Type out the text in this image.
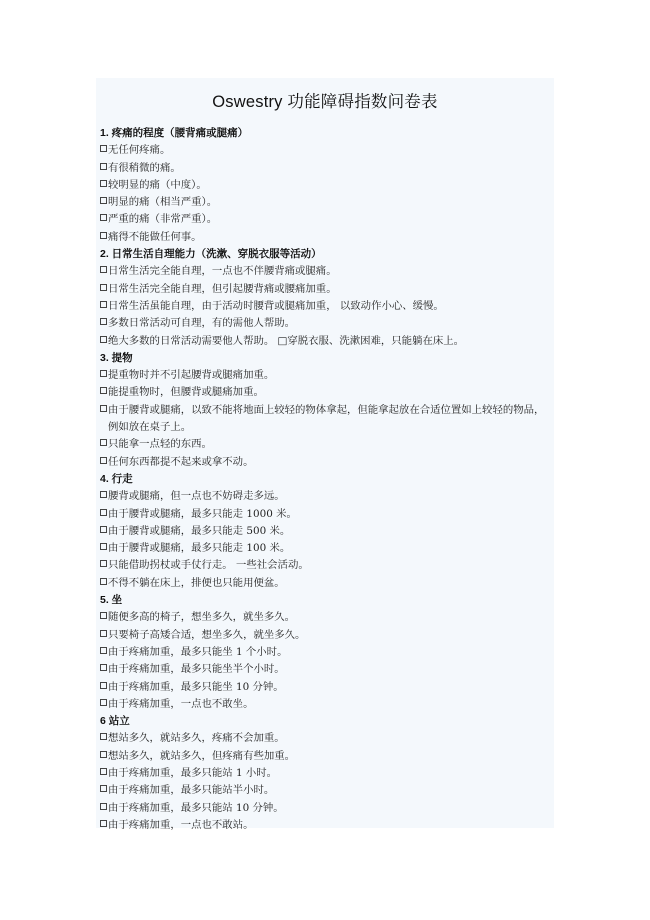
Oswestry 功能障碍指数问卷表
1. 疼痛的程度（腰背痛或腿痛）
无任何疼痛。
有很稍微的痛。
较明显的痛（中度）。
明显的痛（相当严重）。
严重的痛（非常严重）。
痛得不能做任何事。
2. 日常生活自理能力（洗漱、穿脱衣服等活动）
日常生活完全能自理，一点也不伴腰背痛或腿痛。
日常生活完全能自理，但引起腰背痛或腰痛加重。
日常生活虽能自理，由于活动时腰背或腿痛加重， 以致动作小心、缓慢。
多数日常活动可自理，有的需他人帮助。
绝大多数的日常活动需要他人帮助。 □穿脱衣服、洗漱困难，只能躺在床上。
3. 提物
提重物时并不引起腰背或腿痛加重。
能提重物时，但腰背或腿痛加重。
由于腰背或腿痛，以致不能将地面上较轻的物体拿起，但能拿起放在合适位置如上较轻的物品，例如放在桌子上。
只能拿一点轻的东西。
任何东西都提不起来或拿不动。
4. 行走
腰背或腿痛，但一点也不妨碍走多远。
由于腰背或腿痛，最多只能走 1000 米。
由于腰背或腿痛，最多只能走 500 米。
由于腰背或腿痛，最多只能走 100 米。
只能借助拐杖或手仗行走。 一些社会活动。
不得不躺在床上，排便也只能用便盆。
5. 坐
随便多高的椅子，想坐多久，就坐多久。
只要椅子高矮合适，想坐多久，就坐多久。
由于疼痛加重，最多只能坐 1 个小时。
由于疼痛加重，最多只能坐半个小时。
由于疼痛加重，最多只能坐 10 分钟。
由于疼痛加重，一点也不敢坐。
6 站立
想站多久，就站多久，疼痛不会加重。
想站多久，就站多久，但疼痛有些加重。
由于疼痛加重，最多只能站 1 小时。
由于疼痛加重，最多只能站半小时。
由于疼痛加重，最多只能站 10 分钟。
由于疼痛加重，一点也不敢站。
